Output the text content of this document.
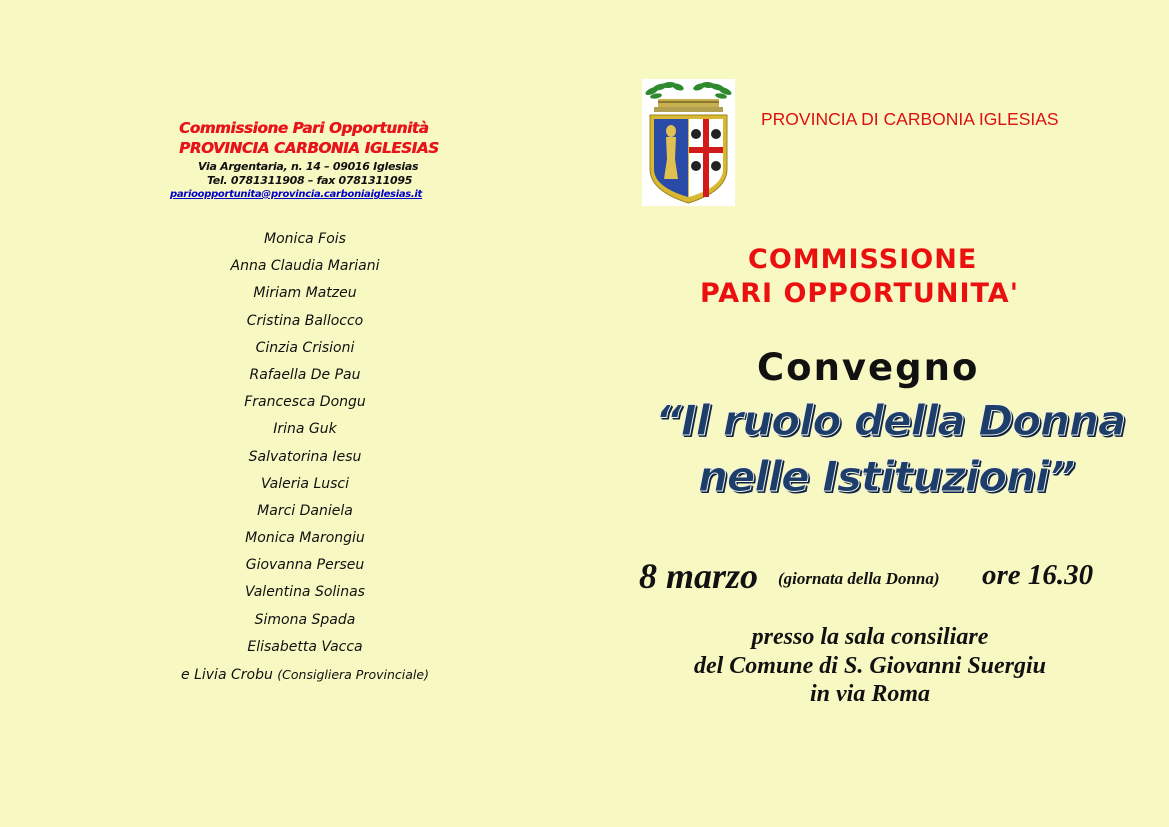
Commissione Pari Opportunità
PROVINCIA CARBONIA IGLESIAS
Via Argentaria, n. 14 – 09016 Iglesias
Tel. 0781311908 – fax 0781311095
parioopportunita@provincia.carboniaiglesias.it
Monica Fois
Anna Claudia Mariani
Miriam Matzeu
Cristina Ballocco
Cinzia Crisioni
Rafaella De Pau
Francesca Dongu
Irina Guk
Salvatorina Iesu
Valeria Lusci
Marci Daniela
Monica Marongiu
Giovanna Perseu
Valentina Solinas
Simona Spada
Elisabetta Vacca
e Livia Crobu (Consigliera Provinciale)
PROVINCIA DI CARBONIA IGLESIAS
COMMISSIONE
PARI OPPORTUNITA'
Convegno
“Il ruolo della Donna
nelle Istituzioni”
8 marzo (giornata della Donna) ore 16.30
presso la sala consiliare
del Comune di S. Giovanni Suergiu
in via Roma
